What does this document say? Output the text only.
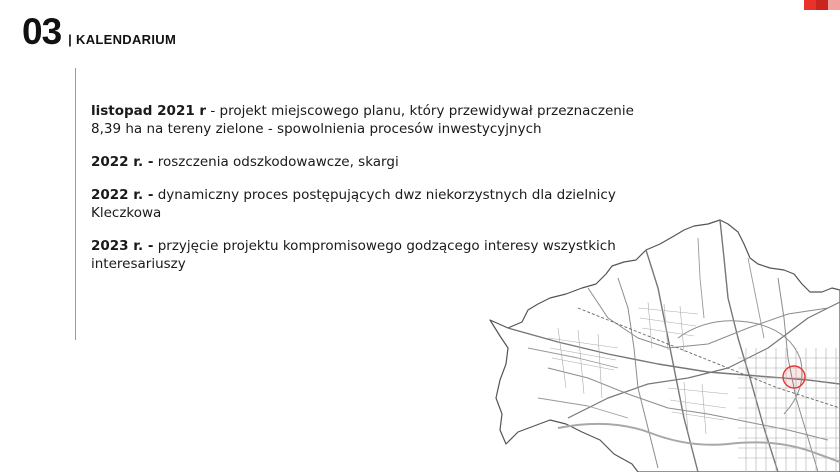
03 | KALENDARIUM

listopad 2021 r - projekt miejscowego planu, który przewidywał przeznaczenie 8,39 ha na tereny zielone - spowolnienia procesów inwestycyjnych

2022 r. - roszczenia odszkodowawcze, skargi

2022 r. - dynamiczny proces postępujących dwz niekorzystnych dla dzielnicy Kleczkowa

2023 r. - przyjęcie projektu kompromisowego godzącego interesy wszystkich interesariuszy
